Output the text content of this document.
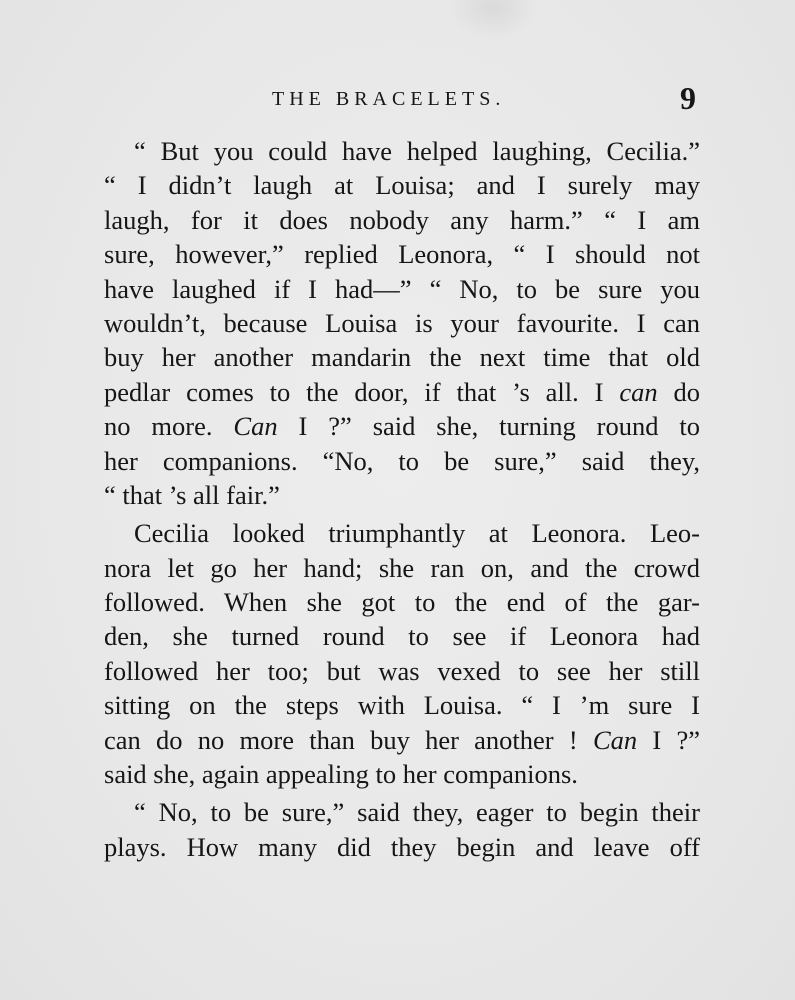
THE BRACELETS.	9
“ But you could have helped laughing, Cecilia.”
“ I didn’t laugh at Louisa; and I surely may
laugh, for it does nobody any harm.” “ I am
sure, however,” replied Leonora, “ I should not
have laughed if I had—” “ No, to be sure you
wouldn’t, because Louisa is your favourite. I can
buy her another mandarin the next time that old
pedlar comes to the door, if that ’s all. I can do
no more. Can I ?” said she, turning round to
her companions. “No, to be sure,” said they,
“ that ’s all fair.”
Cecilia looked triumphantly at Leonora. Leo-
nora let go her hand; she ran on, and the crowd
followed. When she got to the end of the gar-
den, she turned round to see if Leonora had
followed her too; but was vexed to see her still
sitting on the steps with Louisa. “ I ’m sure I
can do no more than buy her another ! Can I ?”
said she, again appealing to her companions.
“ No, to be sure,” said they, eager to begin their
plays. How many did they begin and leave off
